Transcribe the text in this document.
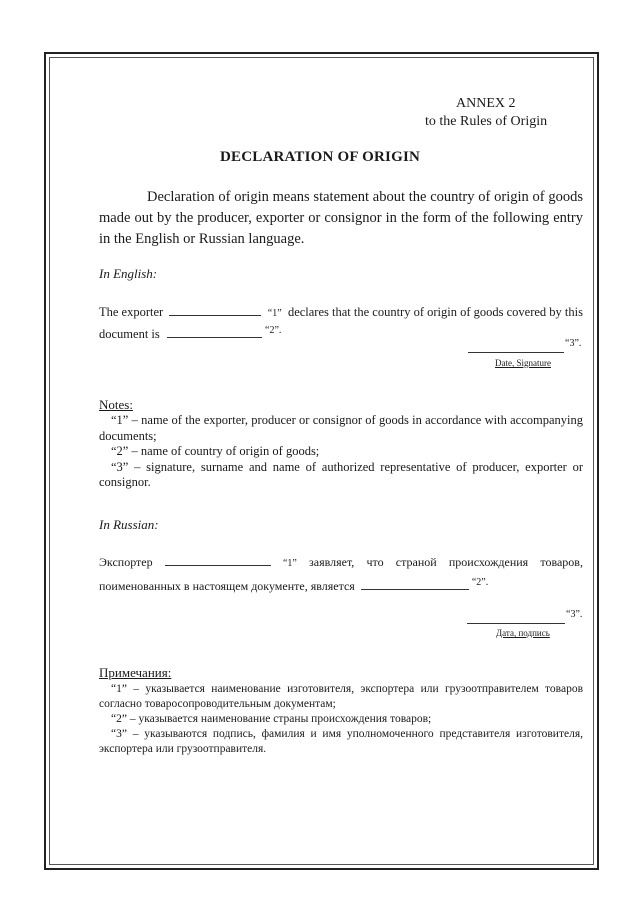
ANNEX 2
to the Rules of Origin
DECLARATION OF ORIGIN
Declaration of origin means statement about the country of origin of goods made out by the producer, exporter or consignor in the form of the following entry in the English or Russian language.
In English:
The exporter	“1” declares that the country of origin of goods covered by this
document is	$^{“2”.}$
“3”.
Date, Signature
Notes:

“1” – name of the exporter, producer or consignor of goods in accordance with accompanying documents;

“2” – name of country of origin of goods;

“3” – signature, surname and name of authorized representative of producer, exporter or consignor.

In Russian:
Экспортер	“1” заявляет, что страной происхождения товаров,
поименованных в настоящем документе, является	$^{“2”.}$
“3”.
Дата, подпись
Примечания:

“1” – указывается наименование изготовителя, экспортера или грузоотправителем товаров согласно товаросопроводительным документам;

“2” – указывается наименование страны происхождения товаров;

“3” – указываются подпись, фамилия и имя уполномоченного представителя изготовителя, экспортера или грузоотправителя.
